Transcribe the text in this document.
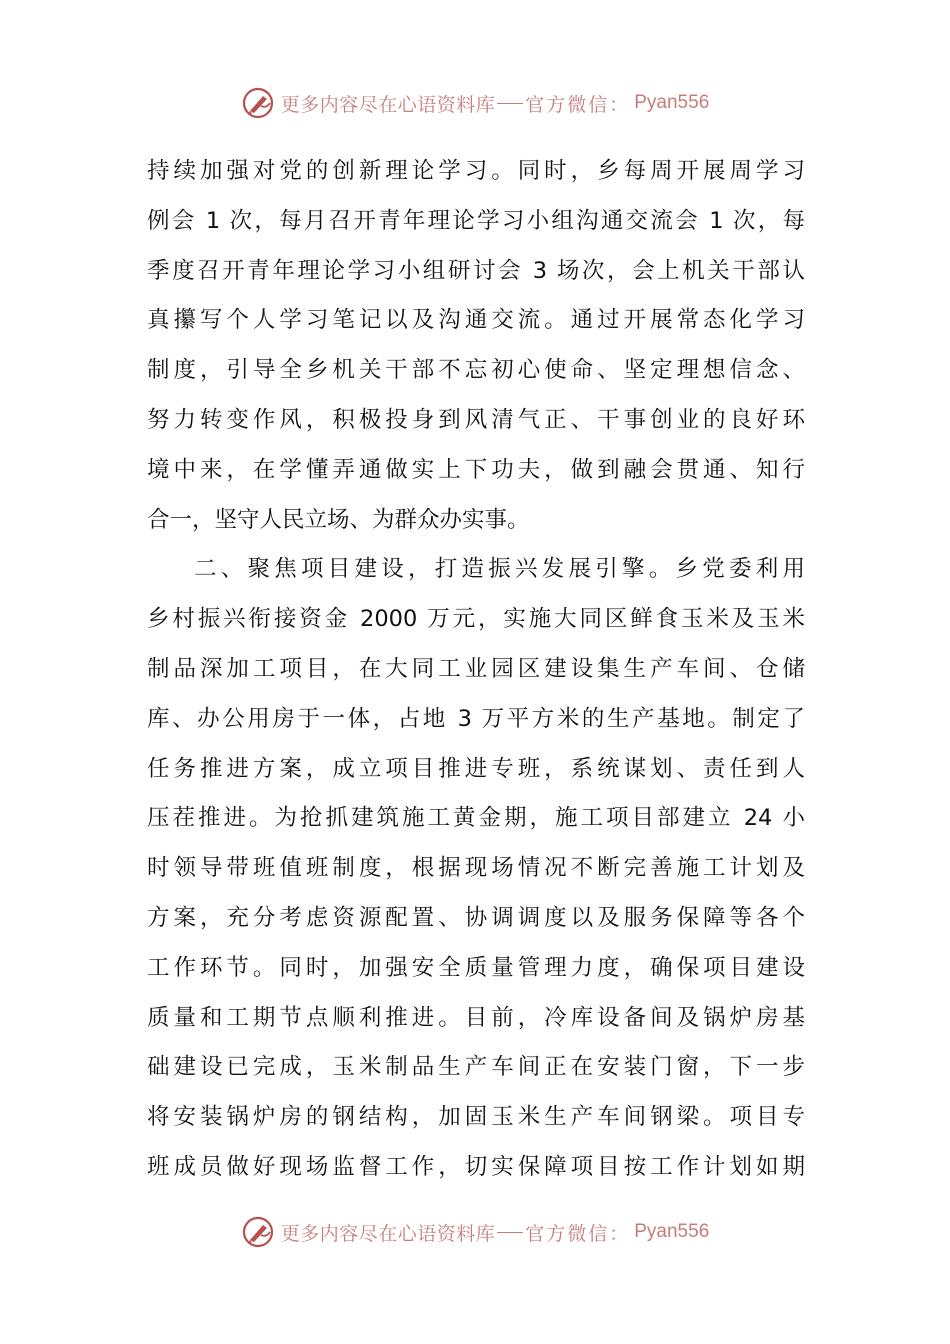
更多内容尽在心语资料库 官方微信： Pyan556
持续加强对党的创新理论学习。同时，乡每周开展周学习
例会 1 次，每月召开青年理论学习小组沟通交流会 1 次，每
季度召开青年理论学习小组研讨会 3 场次，会上机关干部认
真攥写个人学习笔记以及沟通交流。通过开展常态化学习
制度，引导全乡机关干部不忘初心使命、坚定理想信念、
努力转变作风，积极投身到风清气正、干事创业的良好环
境中来，在学懂弄通做实上下功夫，做到融会贯通、知行
合一，坚守人民立场、为群众办实事。
二、聚焦项目建设，打造振兴发展引擎。乡党委利用
乡村振兴衔接资金 2000 万元，实施大同区鲜食玉米及玉米
制品深加工项目，在大同工业园区建设集生产车间、仓储
库、办公用房于一体，占地 3 万平方米的生产基地。制定了
任务推进方案，成立项目推进专班，系统谋划、责任到人
压茬推进。为抢抓建筑施工黄金期，施工项目部建立 24 小
时领导带班值班制度，根据现场情况不断完善施工计划及
方案，充分考虑资源配置、协调调度以及服务保障等各个
工作环节。同时，加强安全质量管理力度，确保项目建设
质量和工期节点顺利推进。目前，冷库设备间及锅炉房基
础建设已完成，玉米制品生产车间正在安装门窗，下一步
将安装锅炉房的钢结构，加固玉米生产车间钢梁。项目专
班成员做好现场监督工作，切实保障项目按工作计划如期
更多内容尽在心语资料库 官方微信： Pyan556
